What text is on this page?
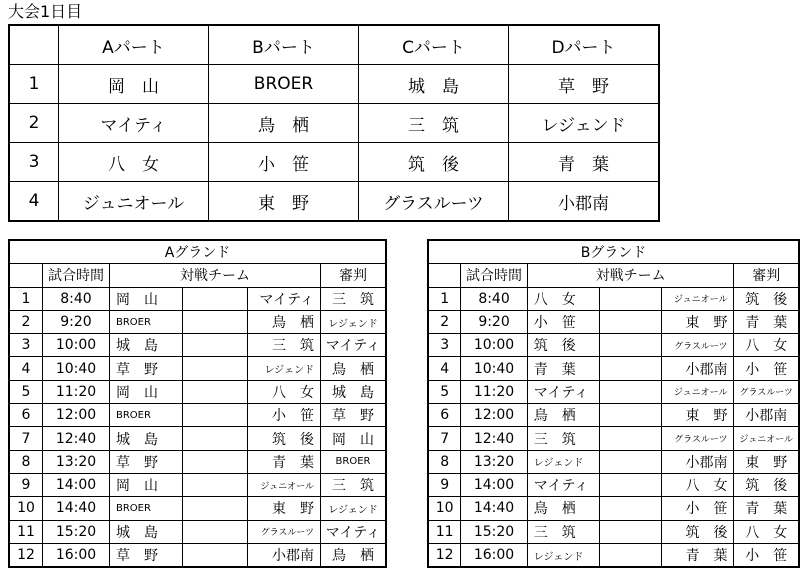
大会1日目
	Aパート	Bパート	Cパート	Dパート
1	岡　山	BROER	城　島	草　野
2	マイティ	鳥　栖	三　筑	レジェンド
3	八　女	小　笹	筑　後	青　葉
4	ジュニオール	東　野	グラスルーツ	小郡南
Aグランド					
	試合時間	対戦チーム			審判
1	8:40	岡　山		マイティ	三　筑
2	9:20	BROER		鳥　栖	レジェンド
3	10:00	城　島		三　筑	マイティ
4	10:40	草　野		レジェンド	鳥　栖
5	11:20	岡　山		八　女	城　島
6	12:00	BROER		小　笹	草　野
7	12:40	城　島		筑　後	岡　山
8	13:20	草　野		青　葉	BROER
9	14:00	岡　山		ジュニオール	三　筑
10	14:40	BROER		東　野	レジェンド
11	15:20	城　島		グラスルーツ	マイティ
12	16:00	草　野		小郡南	鳥　栖
Bグランド					
	試合時間	対戦チーム			審判
1	8:40	八　女		ジュニオール	筑　後
2	9:20	小　笹		東　野	青　葉
3	10:00	筑　後		グラスルーツ	八　女
4	10:40	青　葉		小郡南	小　笹
5	11:20	マイティ		ジュニオール	グラスルーツ
6	12:00	鳥　栖		東　野	小郡南
7	12:40	三　筑		グラスルーツ	ジュニオール
8	13:20	レジェンド		小郡南	東　野
9	14:00	マイティ		八　女	筑　後
10	14:40	鳥　栖		小　笹	青　葉
11	15:20	三　筑		筑　後	八　女
12	16:00	レジェンド		青　葉	小　笹
